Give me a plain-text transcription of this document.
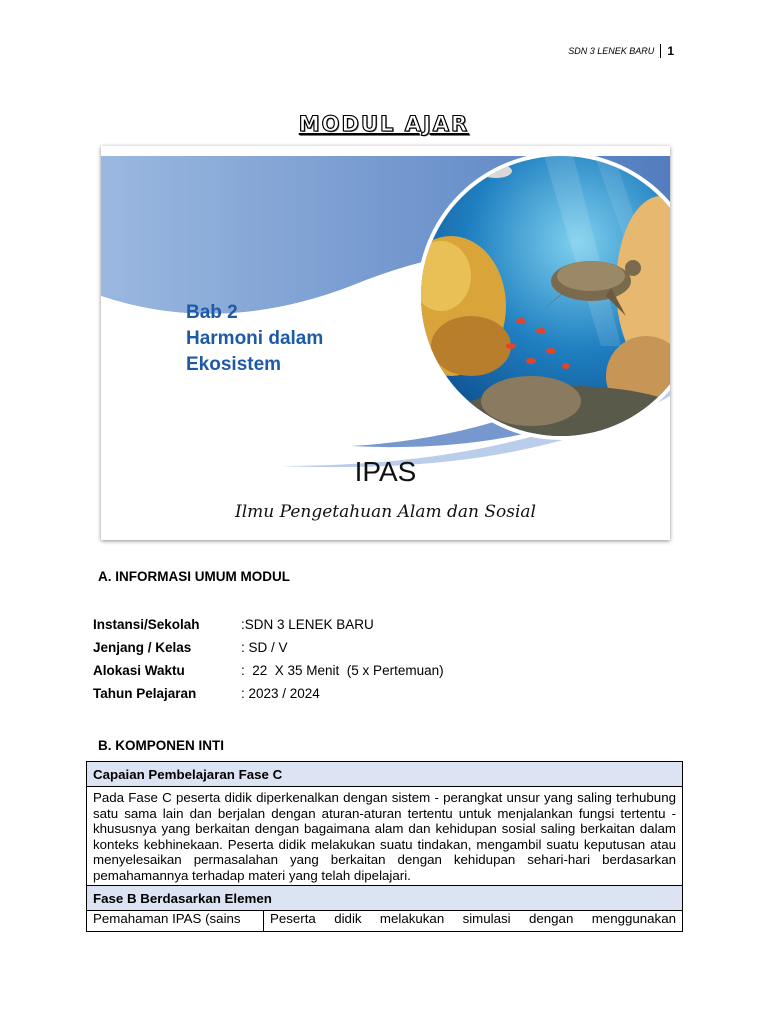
SDN 3 LENEK BARU	1
MODUL AJAR
Bab 2
Harmoni dalam
Ekosistem
IPAS
Ilmu Pengetahuan Alam dan Sosial
A. INFORMASI UMUM MODUL
Instansi/Sekolah	:SDN 3 LENEK BARU
Jenjang / Kelas	: SD / V
Alokasi Waktu	:  22  X 35 Menit  (5 x Pertemuan)
Tahun Pelajaran	: 2023 / 2024
B. KOMPONEN INTI
Capaian Pembelajaran Fase C
Pada Fase C peserta didik diperkenalkan dengan sistem - perangkat unsur yang saling terhubung satu sama lain dan berjalan dengan aturan-aturan tertentu untuk menjalankan fungsi tertentu - khususnya yang berkaitan dengan bagaimana alam dan kehidupan sosial saling berkaitan dalam konteks kebhinekaan. Peserta didik melakukan suatu tindakan, mengambil suatu keputusan atau menyelesaikan permasalahan yang berkaitan dengan kehidupan sehari-hari berdasarkan pemahamannya terhadap materi yang telah dipelajari.
Fase B Berdasarkan Elemen
Pemahaman IPAS (sains	Peserta didik melakukan simulasi dengan menggunakan
